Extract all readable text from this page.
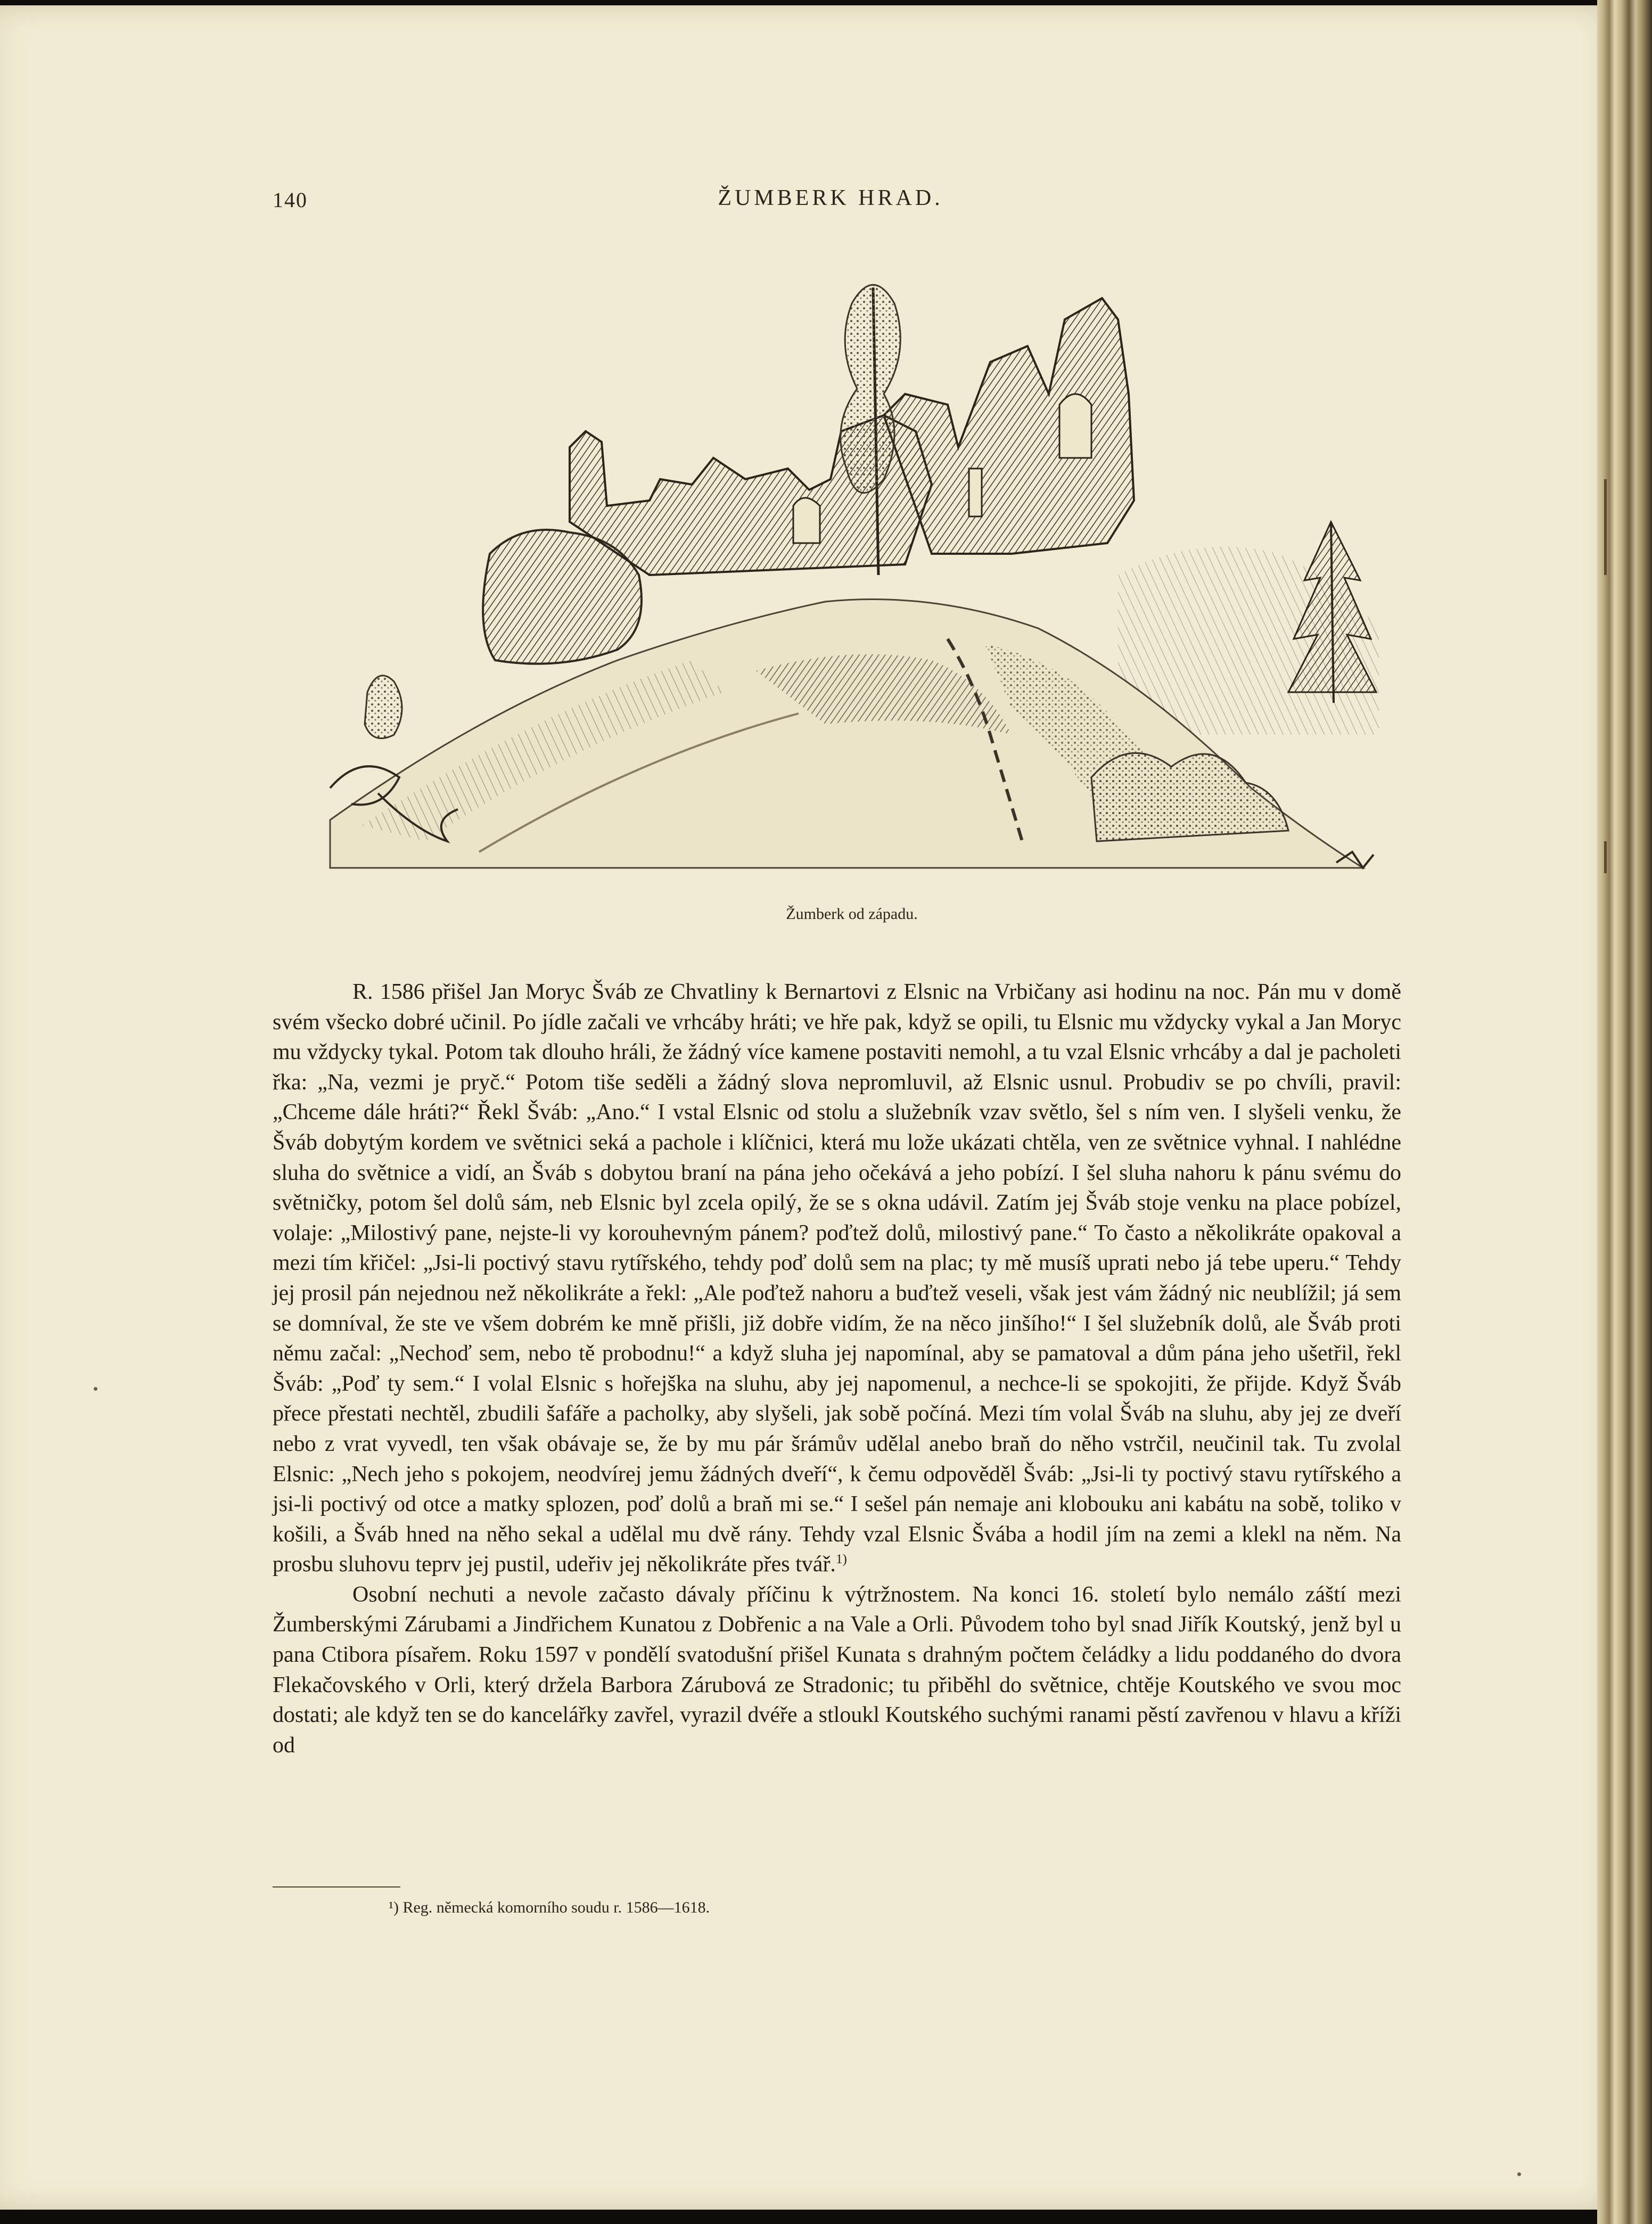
140	ŽUMBERK HRAD.
Žumberk od západu.

R. 1586 přišel Jan Moryc Šváb ze Chvatliny k Bernartovi z Elsnic na Vrbičany asi hodinu na noc. Pán mu v domě svém všecko dobré učinil. Po jídle začali ve vrhcáby hráti; ve hře pak, když se opili, tu Elsnic mu vždycky vykal a Jan Moryc mu vždycky tykal. Potom tak dlouho hráli, že žádný více kamene postaviti nemohl, a tu vzal Elsnic vrhcáby a dal je pacholeti řka: „Na, vezmi je pryč.“ Potom tiše seděli a žádný slova nepromluvil, až Elsnic usnul. Probudiv se po chvíli, pravil: „Chceme dále hráti?“ Řekl Šváb: „Ano.“ I vstal Elsnic od stolu a služebník vzav světlo, šel s ním ven. I slyšeli venku, že Šváb dobytým kordem ve světnici seká a pachole i klíčnici, která mu lože ukázati chtěla, ven ze světnice vyhnal. I nahlédne sluha do světnice a vidí, an Šváb s dobytou braní na pána jeho očekává a jeho pobízí. I šel sluha nahoru k pánu svému do světničky, potom šel dolů sám, neb Elsnic byl zcela opilý, že se s okna udávil. Zatím jej Šváb stoje venku na place pobízel, volaje: „Milostivý pane, nejste-li vy korouhevným pánem? poďtež dolů, milostivý pane.“ To často a několikráte opakoval a mezi tím křičel: „Jsi-li poctivý stavu rytířského, tehdy poď dolů sem na plac; ty mě musíš uprati nebo já tebe uperu.“ Tehdy jej prosil pán nejednou než několikráte a řekl: „Ale poďtež nahoru a buďtež veseli, však jest vám žádný nic neublížil; já sem se domníval, že ste ve všem dobrém ke mně přišli, již dobře vidím, že na něco jinšího!“ I šel služebník dolů, ale Šváb proti němu začal: „Nechoď sem, nebo tě probodnu!“ a když sluha jej napomínal, aby se pamatoval a dům pána jeho ušetřil, řekl Šváb: „Poď ty sem.“ I volal Elsnic s hořejška na sluhu, aby jej napomenul, a nechce-li se spokojiti, že přijde. Když Šváb přece přestati nechtěl, zbudili šafáře a pacholky, aby slyšeli, jak sobě počíná. Mezi tím volal Šváb na sluhu, aby jej ze dveří nebo z vrat vyvedl, ten však obávaje se, že by mu pár šrámův udělal anebo braň do něho vstrčil, neučinil tak. Tu zvolal Elsnic: „Nech jeho s pokojem, neodvírej jemu žádných dveří“, k čemu odpověděl Šváb: „Jsi-li ty poctivý stavu rytířského a jsi-li poctivý od otce a matky splozen, poď dolů a braň mi se.“ I sešel pán nemaje ani klobouku ani kabátu na sobě, toliko v košili, a Šváb hned na něho sekal a udělal mu dvě rány. Tehdy vzal Elsnic Švába a hodil jím na zemi a klekl na něm. Na prosbu sluhovu teprv jej pustil, udeřiv jej několikráte přes tvář.$^{1)}$

Osobní nechuti a nevole začasto dávaly příčinu k výtržnostem. Na konci 16. století bylo nemálo záští mezi Žumberskými Zárubami a Jindřichem Kunatou z Dobřenic a na Vale a Orli. Původem toho byl snad Jiřík Koutský, jenž byl u pana Ctibora písařem. Roku 1597 v pondělí svatodušní přišel Kunata s drahným počtem čeládky a lidu poddaného do dvora Flekačovského v Orli, který držela Barbora Zárubová ze Stradonic; tu přiběhl do světnice, chtěje Koutského ve svou moc dostati; ale když ten se do kancelářky zavřel, vyrazil dvéře a stloukl Koutského suchými ranami pěstí zavřenou v hlavu a kříži od

¹) Reg. německá komorního soudu r. 1586—1618.
